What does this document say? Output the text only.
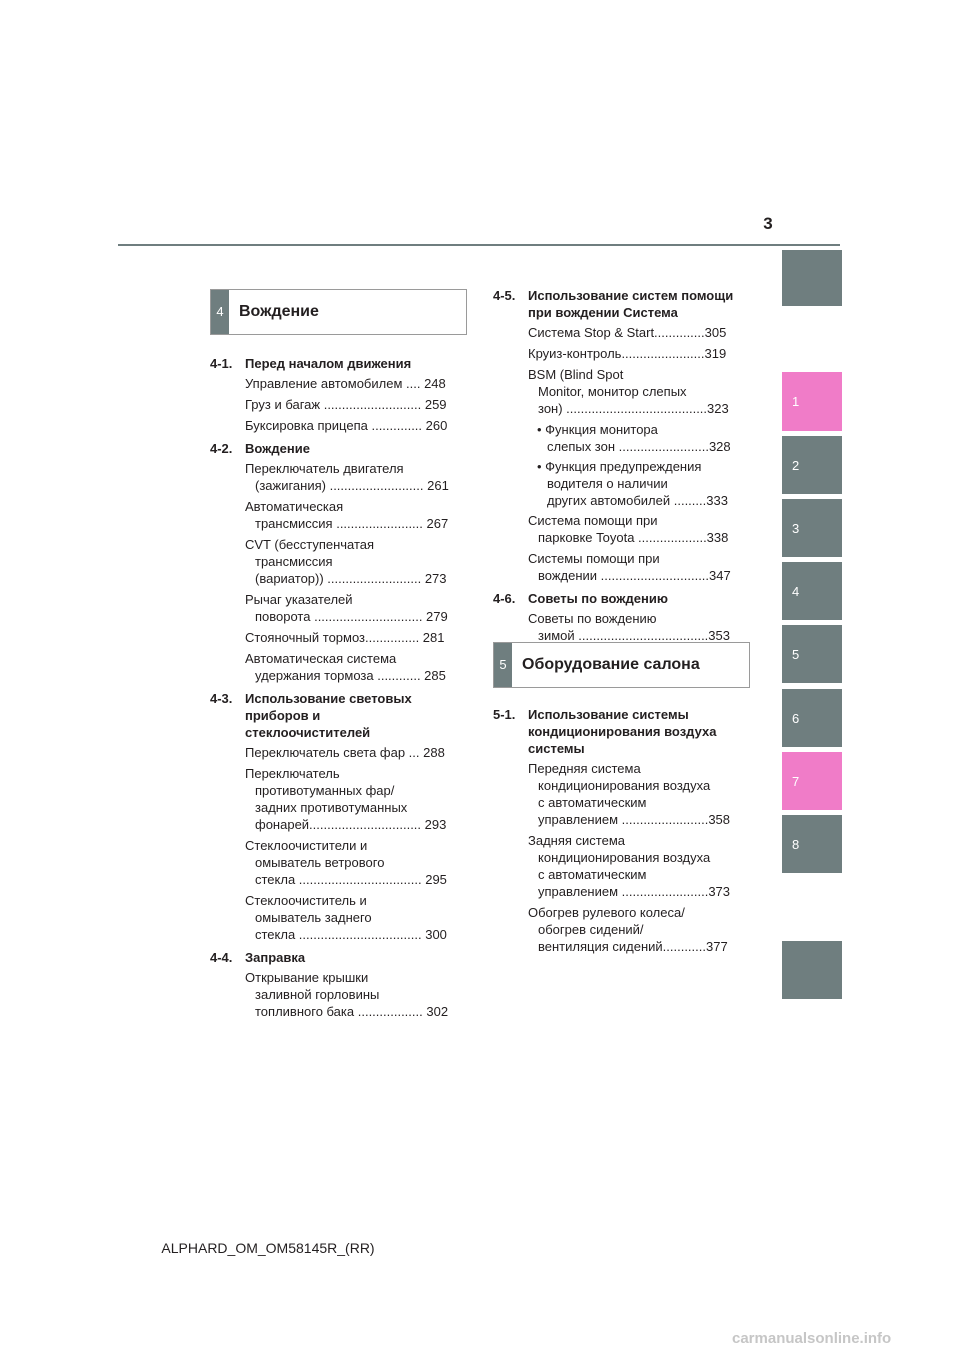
3
1
2
3
4
5
6
7
8
4 Вождение
5 Оборудование салона
4-1. Перед началом движения
Управление автомобилем .... 248
Груз и багаж ........................... 259
Буксировка прицепа .............. 260
4-2. Вождение
Переключатель двигателя
(зажигания) .......................... 261
Автоматическая
трансмиссия ........................ 267
CVT (бесступенчатая
трансмиссия
(вариатор)) .......................... 273
Рычаг указателей
поворота .............................. 279
Стояночный тормоз............... 281
Автоматическая система
удержания тормоза ............ 285
4-3. Использование световых
приборов и
стеклоочистителей
Переключатель света фар ... 288
Переключатель
противотуманных фар/
задних противотуманных
фонарей............................... 293
Стеклоочистители и
омыватель ветрового
стекла .................................. 295
Стеклоочиститель и
омыватель заднего
стекла .................................. 300
4-4. Заправка
Открывание крышки
заливной горловины
топливного бака .................. 302
4-5. Использование систем помощи
при вождении Система
Система Stop & Start..............305
Круиз-контроль.......................319
BSM (Blind Spot
Monitor, монитор слепых
зон) .......................................323
• Функция монитора
слепых зон .........................328
• Функция предупреждения
водителя о наличии
других автомобилей .........333
Система помощи при
парковке Toyota ...................338
Системы помощи при
вождении ..............................347
4-6. Советы по вождению
Советы по вождению
зимой ....................................353
5-1. Использование системы
кондиционирования воздуха
системы
Передняя система
кондиционирования воздуха
с автоматическим
управлением ........................358
Задняя система
кондиционирования воздуха
с автоматическим
управлением ........................373
Обогрев рулевого колеса/
обогрев сидений/
вентиляция сидений............377
ALPHARD_OM_OM58145R_(RR)
carmanualsonline.info
